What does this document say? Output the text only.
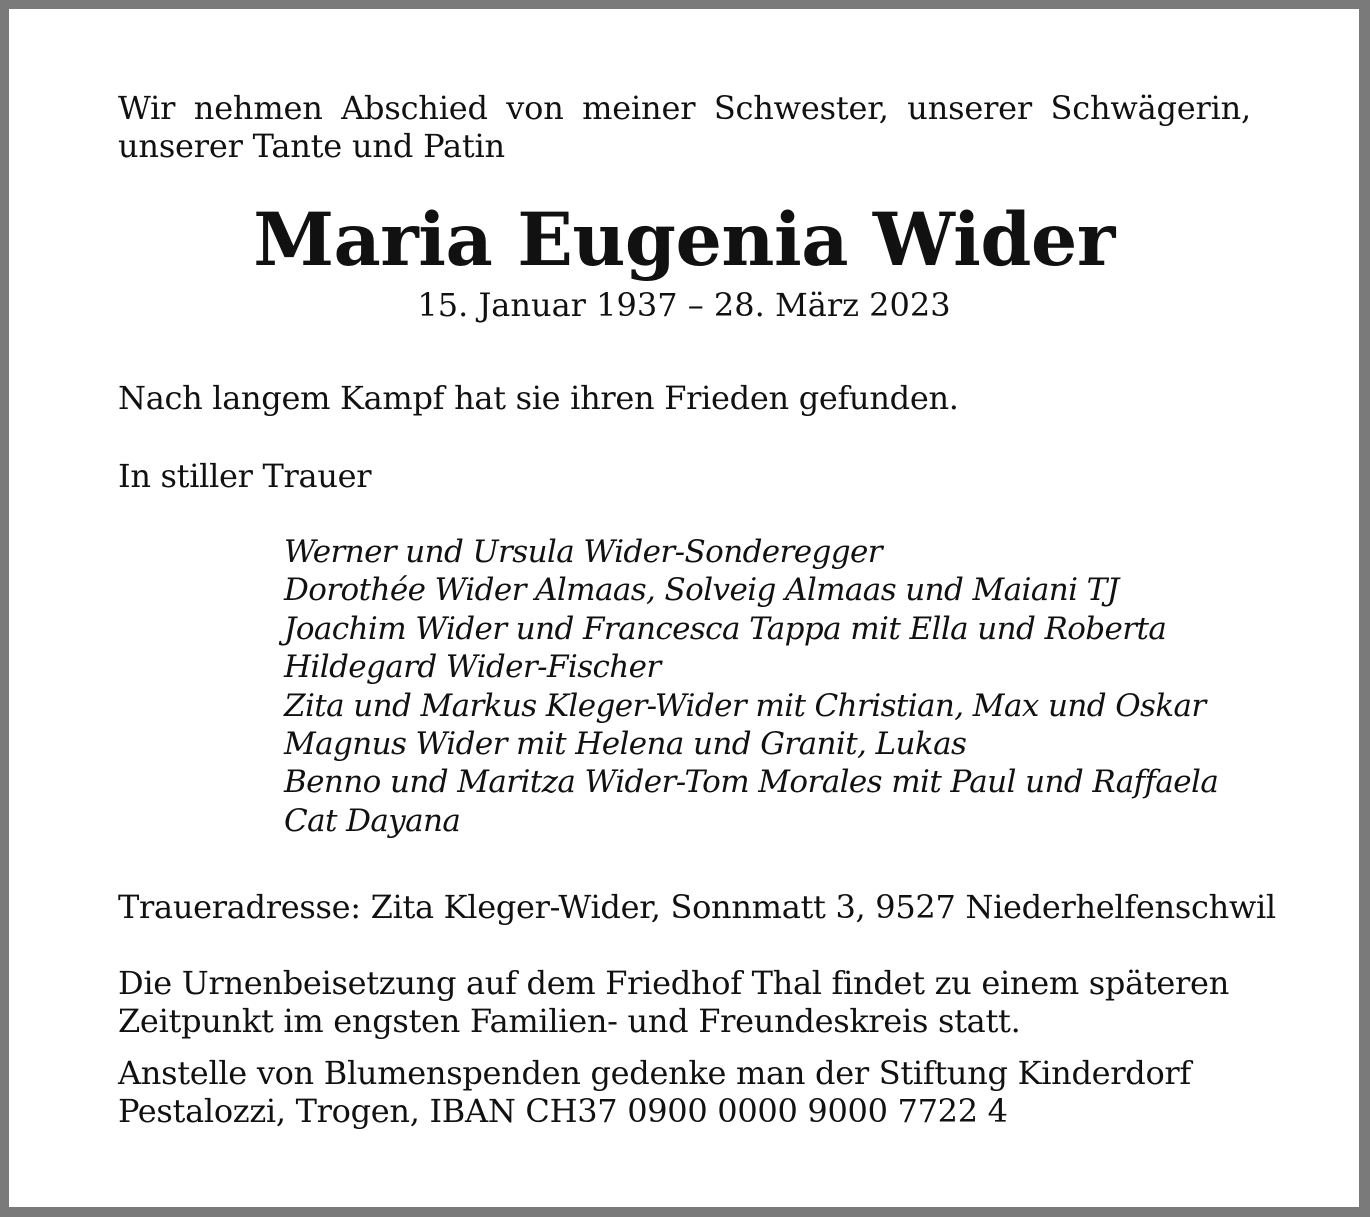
Wir nehmen Abschied von meiner Schwester, unserer Schwägerin, unserer Tante und Patin

Maria Eugenia Wider

15. Januar 1937 – 28. März 2023

Nach langem Kampf hat sie ihren Frieden gefunden.

In stiller Trauer

Werner und Ursula Wider-Sonderegger
Dorothée Wider Almaas, Solveig Almaas und Maiani TJ
Joachim Wider und Francesca Tappa mit Ella und Roberta
Hildegard Wider-Fischer
Zita und Markus Kleger-Wider mit Christian, Max und Oskar
Magnus Wider mit Helena und Granit, Lukas
Benno und Maritza Wider-Tom Morales mit Paul und Raffaela
Cat Dayana

Traueradresse: Zita Kleger-Wider, Sonnmatt 3, 9527 Niederhelfenschwil

Die Urnenbeisetzung auf dem Friedhof Thal findet zu einem späteren Zeitpunkt im engsten Familien- und Freundeskreis statt.

Anstelle von Blumenspenden gedenke man der Stiftung Kinderdorf Pestalozzi, Trogen, IBAN CH37 0900 0000 9000 7722 4
